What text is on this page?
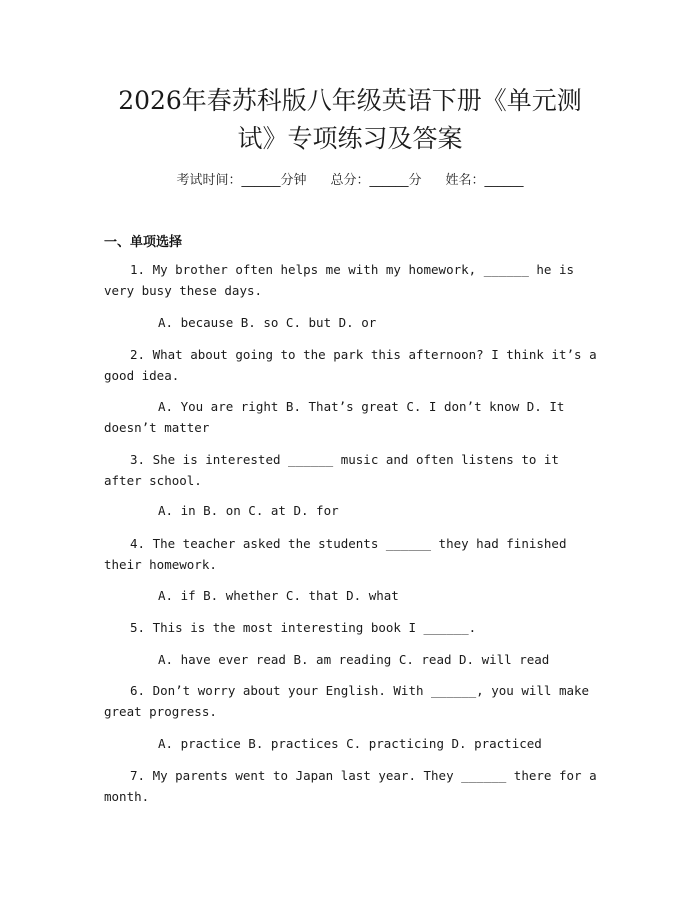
2026年春苏科版八年级英语下册《单元测
试》专项练习及答案
考试时间：______分钟 总分：______分 姓名：______
一、单项选择
1. My brother often helps me with my homework, ______ he is very busy these days.
A. because B. so C. but D. or
2. What about going to the park this afternoon? I think it’s a good idea.
A. You are right B. That’s great C. I don’t know D. It doesn’t matter
3. She is interested ______ music and often listens to it after school.
A. in B. on C. at D. for
4. The teacher asked the students ______ they had finished their homework.
A. if B. whether C. that D. what
5. This is the most interesting book I ______.
A. have ever read B. am reading C. read D. will read
6. Don’t worry about your English. With ______, you will make great progress.
A. practice B. practices C. practicing D. practiced
7. My parents went to Japan last year. They ______ there for a month.
